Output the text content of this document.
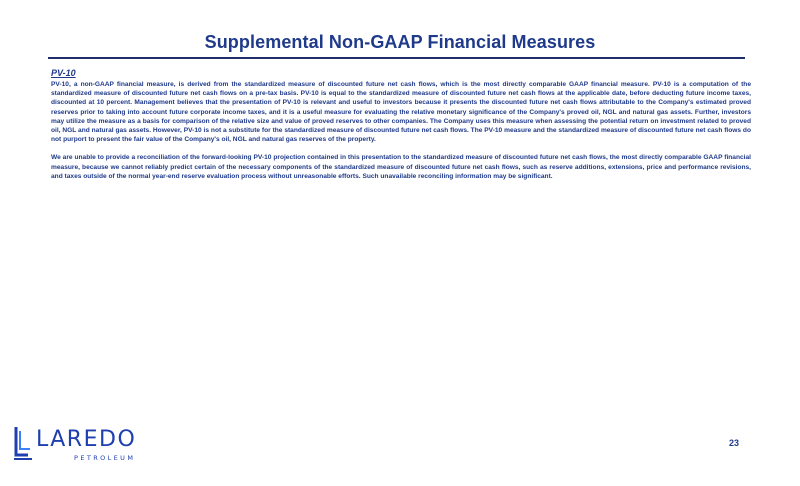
Supplemental Non-GAAP Financial Measures
PV-10

PV-10, a non-GAAP financial measure, is derived from the standardized measure of discounted future net cash flows, which is the most directly comparable GAAP financial measure. PV-10 is a computation of the standardized measure of discounted future net cash flows on a pre-tax basis. PV-10 is equal to the standardized measure of discounted future net cash flows at the applicable date, before deducting future income taxes, discounted at 10 percent. Management believes that the presentation of PV-10 is relevant and useful to investors because it presents the discounted future net cash flows attributable to the Company's estimated proved reserves prior to taking into account future corporate income taxes, and it is a useful measure for evaluating the relative monetary significance of the Company's proved oil, NGL and natural gas assets. Further, investors may utilize the measure as a basis for comparison of the relative size and value of proved reserves to other companies. The Company uses this measure when assessing the potential return on investment related to proved oil, NGL and natural gas assets. However, PV-10 is not a substitute for the standardized measure of discounted future net cash flows. The PV-10 measure and the standardized measure of discounted future net cash flows do not purport to present the fair value of the Company's oil, NGL and natural gas reserves of the property.

We are unable to provide a reconciliation of the forward-looking PV-10 projection contained in this presentation to the standardized measure of discounted future net cash flows, the most directly comparable GAAP financial measure, because we cannot reliably predict certain of the necessary components of the standardized measure of discounted future net cash flows, such as reserve additions, extensions, price and performance revisions, and taxes outside of the normal year-end reserve evaluation process without unreasonable efforts. Such unavailable reconciling information may be significant.

LAREDO
PETROLEUM
23
